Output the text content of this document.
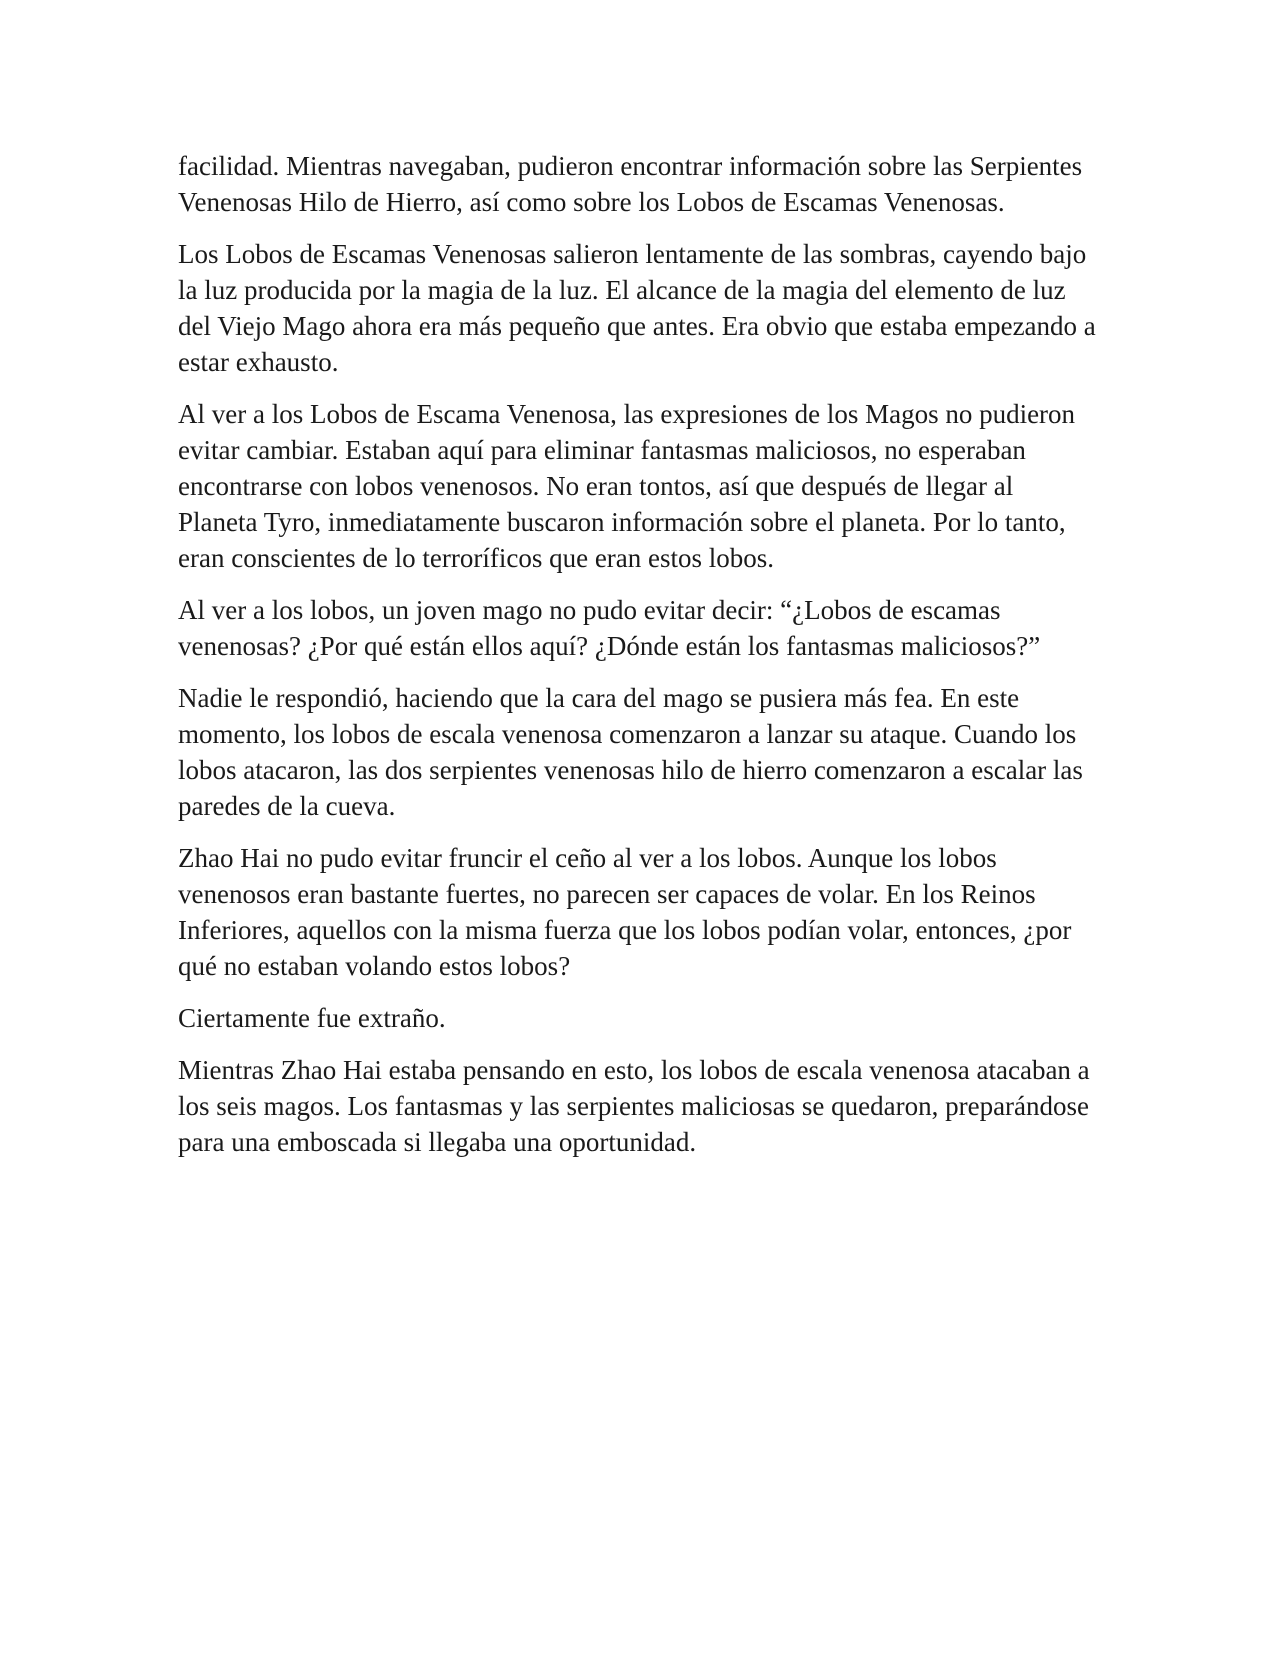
facilidad. Mientras navegaban, pudieron encontrar información sobre las Serpientes Venenosas Hilo de Hierro, así como sobre los Lobos de Escamas Venenosas.

Los Lobos de Escamas Venenosas salieron lentamente de las sombras, cayendo bajo la luz producida por la magia de la luz. El alcance de la magia del elemento de luz del Viejo Mago ahora era más pequeño que antes. Era obvio que estaba empezando a estar exhausto.

Al ver a los Lobos de Escama Venenosa, las expresiones de los Magos no pudieron evitar cambiar. Estaban aquí para eliminar fantasmas maliciosos, no esperaban encontrarse con lobos venenosos. No eran tontos, así que después de llegar al Planeta Tyro, inmediatamente buscaron información sobre el planeta. Por lo tanto, eran conscientes de lo terroríficos que eran estos lobos.

Al ver a los lobos, un joven mago no pudo evitar decir: “¿Lobos de escamas venenosas? ¿Por qué están ellos aquí? ¿Dónde están los fantasmas maliciosos?”

Nadie le respondió, haciendo que la cara del mago se pusiera más fea. En este momento, los lobos de escala venenosa comenzaron a lanzar su ataque. Cuando los lobos atacaron, las dos serpientes venenosas hilo de hierro comenzaron a escalar las paredes de la cueva.

Zhao Hai no pudo evitar fruncir el ceño al ver a los lobos. Aunque los lobos venenosos eran bastante fuertes, no parecen ser capaces de volar. En los Reinos Inferiores, aquellos con la misma fuerza que los lobos podían volar, entonces, ¿por qué no estaban volando estos lobos?

Ciertamente fue extraño.

Mientras Zhao Hai estaba pensando en esto, los lobos de escala venenosa atacaban a los seis magos. Los fantasmas y las serpientes maliciosas se quedaron, preparándose para una emboscada si llegaba una oportunidad.
